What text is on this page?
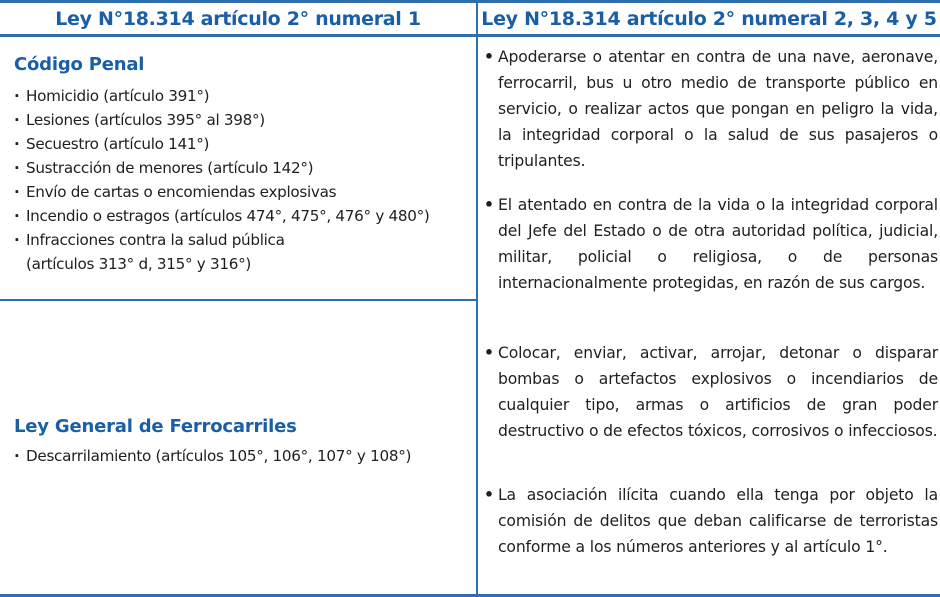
Ley N°18.314 artículo 2° numeral 1	Ley N°18.314 artículo 2° numeral 2, 3, 4 y 5
Código Penal
· Homicidio (artículo 391°)
· Lesiones (artículos 395° al 398°)
· Secuestro (artículo 141°)
· Sustracción de menores (artículo 142°)
· Envío de cartas o encomiendas explosivas
· Incendio o estragos (artículos 474°, 475°, 476° y 480°)
· Infracciones contra la salud pública
(artículos 313° d, 315° y 316°)
Ley General de Ferrocarriles
· Descarrilamiento (artículos 105°, 106°, 107° y 108°)
• Apoderarse o atentar en contra de una nave, aeronave, ferrocarril, bus u otro medio de transporte público en servicio, o realizar actos que pongan en peligro la vida, la integridad corporal o la salud de sus pasajeros o tripulantes.
• El atentado en contra de la vida o la integridad corporal del Jefe del Estado o de otra autoridad política, judicial, militar, policial o religiosa, o de personas internacionalmente protegidas, en razón de sus cargos.
• Colocar, enviar, activar, arrojar, detonar o disparar bombas o artefactos explosivos o incendiarios de cualquier tipo, armas o artificios de gran poder destructivo o de efectos tóxicos, corrosivos o infecciosos.
• La asociación ilícita cuando ella tenga por objeto la comisión de delitos que deban calificarse de terroristas conforme a los números anteriores y al artículo 1°.
